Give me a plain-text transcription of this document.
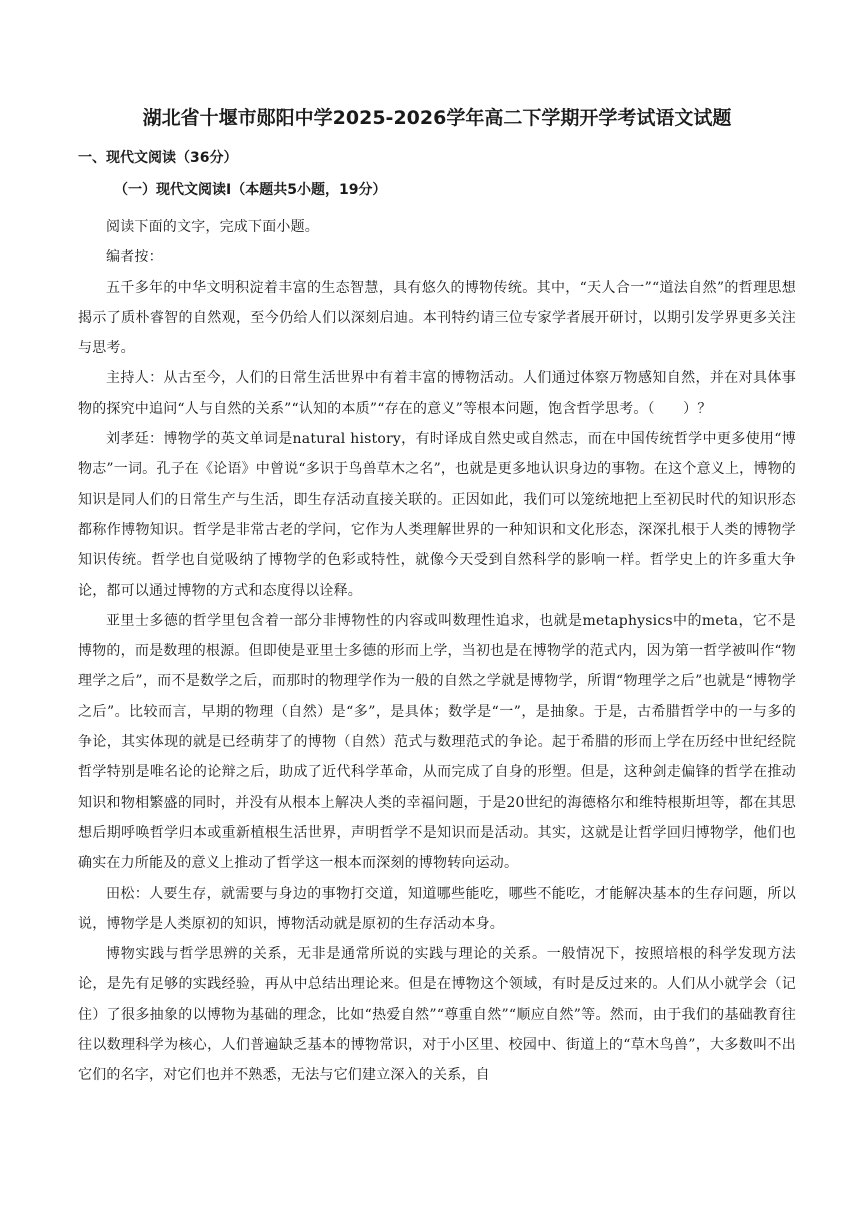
湖北省十堰市郧阳中学2025-2026学年高二下学期开学考试语文试题
一、现代文阅读（36分）
（一）现代文阅读Ⅰ（本题共5小题，19分）

阅读下面的文字，完成下面小题。

编者按：

五千多年的中华文明积淀着丰富的生态智慧，具有悠久的博物传统。其中，“天人合一”“道法自然”的哲理思想揭示了质朴睿智的自然观，至今仍给人们以深刻启迪。本刊特约请三位专家学者展开研讨，以期引发学界更多关注与思考。

主持人：从古至今，人们的日常生活世界中有着丰富的博物活动。人们通过体察万物感知自然，并在对具体事物的探究中追问“人与自然的关系”“认知的本质”“存在的意义”等根本问题，饱含哲学思考。（　　）？

刘孝廷：博物学的英文单词是natural history，有时译成自然史或自然志，而在中国传统哲学中更多使用“博物志”一词。孔子在《论语》中曾说“多识于鸟兽草木之名”，也就是更多地认识身边的事物。在这个意义上，博物的知识是同人们的日常生产与生活，即生存活动直接关联的。正因如此，我们可以笼统地把上至初民时代的知识形态都称作博物知识。哲学是非常古老的学问，它作为人类理解世界的一种知识和文化形态，深深扎根于人类的博物学知识传统。哲学也自觉吸纳了博物学的色彩或特性，就像今天受到自然科学的影响一样。哲学史上的许多重大争论，都可以通过博物的方式和态度得以诠释。

亚里士多德的哲学里包含着一部分非博物性的内容或叫数理性追求，也就是metaphysics中的meta，它不是博物的，而是数理的根源。但即使是亚里士多德的形而上学，当初也是在博物学的范式内，因为第一哲学被叫作“物理学之后”，而不是数学之后，而那时的物理学作为一般的自然之学就是博物学，所谓“物理学之后”也就是“博物学之后”。比较而言，早期的物理（自然）是“多”，是具体；数学是“一”，是抽象。于是，古希腊哲学中的一与多的争论，其实体现的就是已经萌芽了的博物（自然）范式与数理范式的争论。起于希腊的形而上学在历经中世纪经院哲学特别是唯名论的论辩之后，助成了近代科学革命，从而完成了自身的形塑。但是，这种剑走偏锋的哲学在推动知识和物相繁盛的同时，并没有从根本上解决人类的幸福问题，于是20世纪的海德格尔和维特根斯坦等，都在其思想后期呼唤哲学归本或重新植根生活世界，声明哲学不是知识而是活动。其实，这就是让哲学回归博物学，他们也确实在力所能及的意义上推动了哲学这一根本而深刻的博物转向运动。

田松：人要生存，就需要与身边的事物打交道，知道哪些能吃，哪些不能吃，才能解决基本的生存问题，所以说，博物学是人类原初的知识，博物活动就是原初的生存活动本身。

博物实践与哲学思辨的关系，无非是通常所说的实践与理论的关系。一般情况下，按照培根的科学发现方法论，是先有足够的实践经验，再从中总结出理论来。但是在博物这个领域，有时是反过来的。人们从小就学会（记住）了很多抽象的以博物为基础的理念，比如“热爱自然”“尊重自然”“顺应自然”等。然而，由于我们的基础教育往往以数理科学为核心，人们普遍缺乏基本的博物常识，对于小区里、校园中、街道上的“草木鸟兽”，大多数叫不出它们的名字，对它们也并不熟悉，无法与它们建立深入的关系，自
